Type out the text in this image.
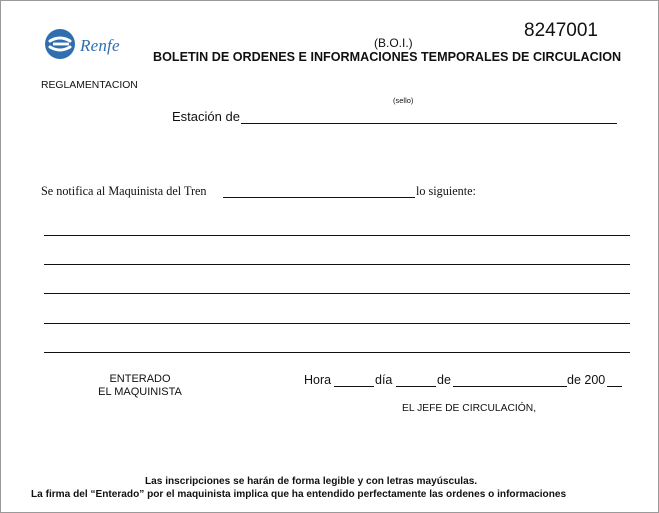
Renfe
8247001
(B.O.I.)
BOLETIN DE ORDENES E INFORMACIONES TEMPORALES DE CIRCULACION
REGLAMENTACION
(sello)
Estación de
Se notifica al Maquinista del Tren	lo siguiente:
ENTERADO
EL MAQUINISTA
Hora	día	de	de 200
EL JEFE DE CIRCULACIÓN,
Las inscripciones se harán de forma legible y con letras mayúsculas.
La firma del “Enterado” por el maquinista implica que ha entendido perfectamente las ordenes o informaciones
